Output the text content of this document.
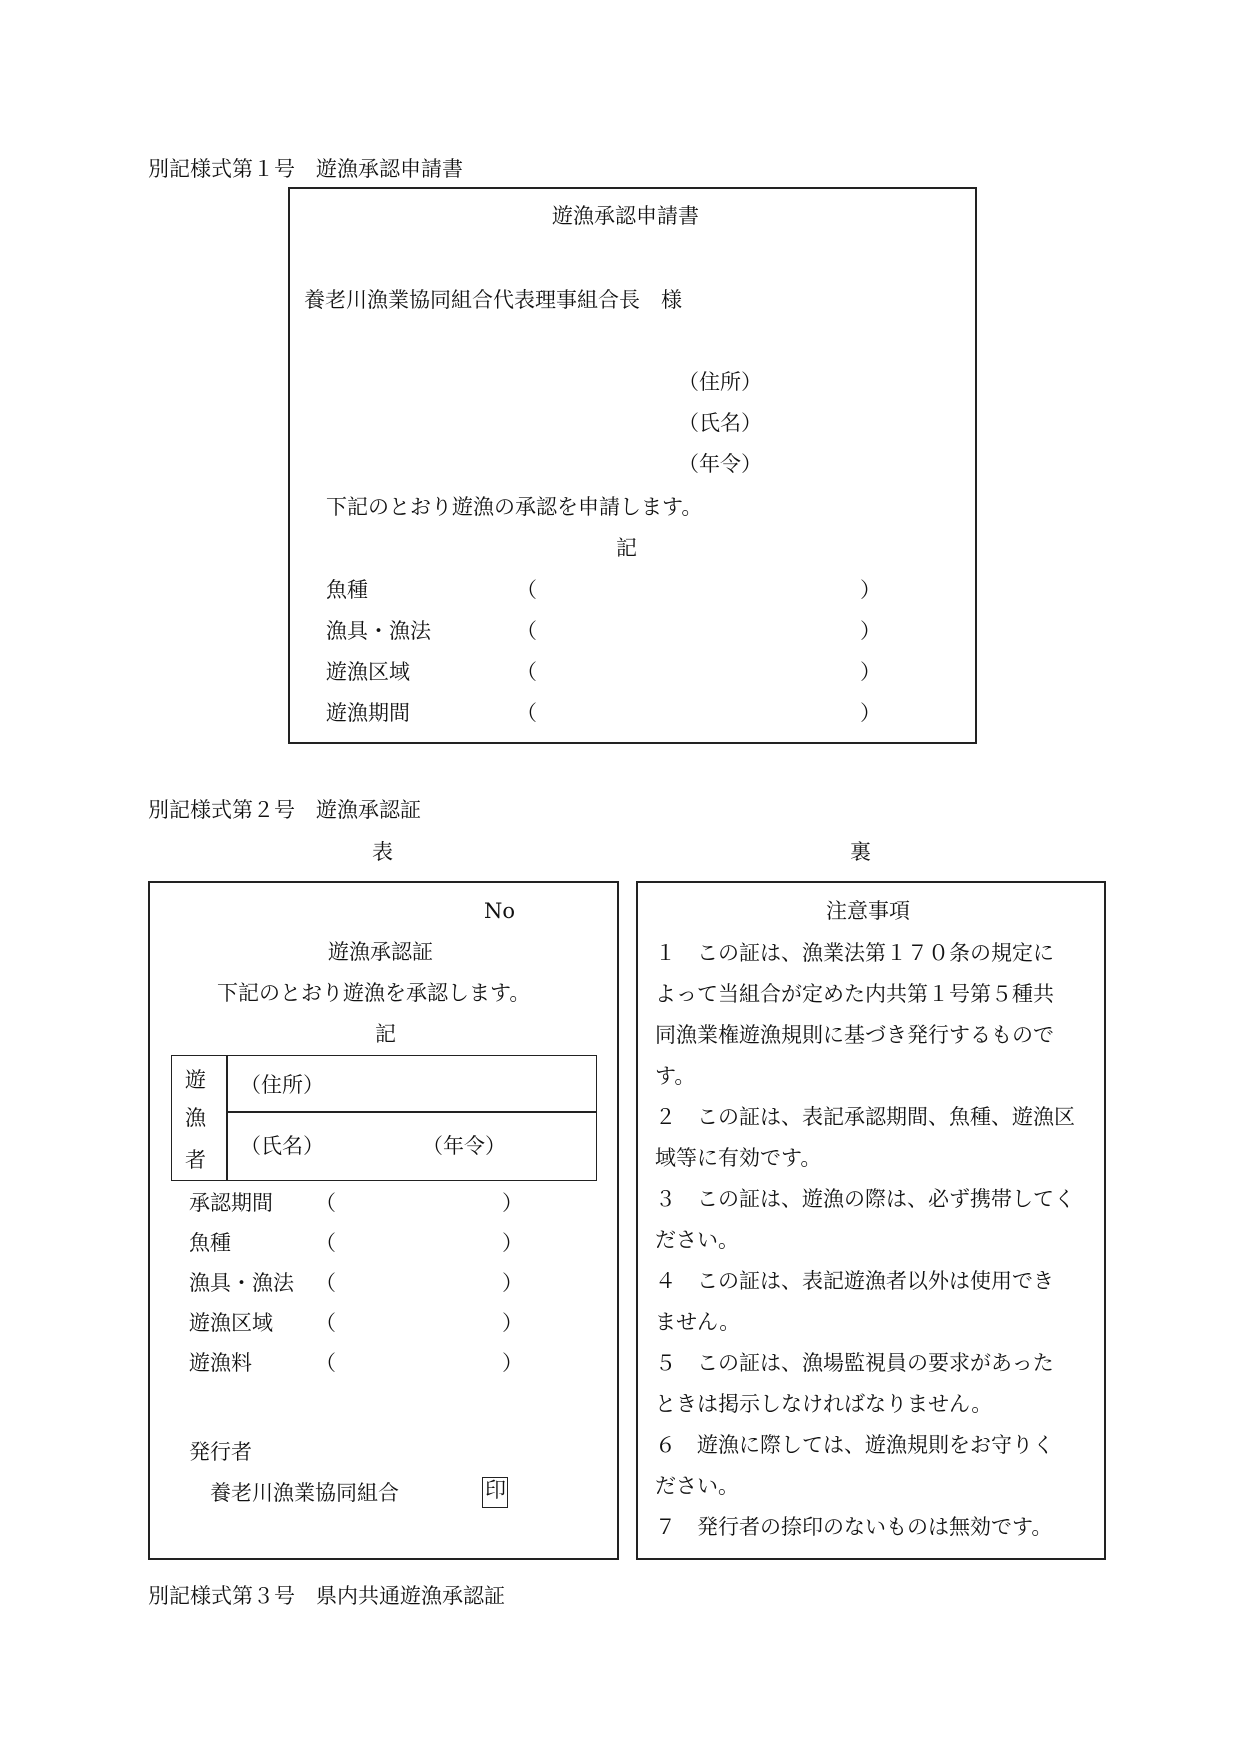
別記様式第１号　遊漁承認申請書
遊漁承認申請書
養老川漁業協同組合代表理事組合長　様
（住所）
（氏名）
（年令）
下記のとおり遊漁の承認を申請します。
記
魚種	（	）
漁具・漁法	（	）
遊漁区域	（	）
遊漁期間	（	）
別記様式第２号　遊漁承認証
表	裏
No
遊漁承認証
下記のとおり遊漁を承認します。
記
遊
漁
者
（住所）
（氏名）	（年令）
承認期間 （	）
魚種	（	）
漁具・漁法 （	）
遊漁区域 （	）
遊漁料	（	）
発行者
養老川漁業協同組合	印
注意事項
１　この証は、漁業法第１７０条の規定に
よって当組合が定めた内共第１号第５種共
同漁業権遊漁規則に基づき発行するもので
す。
２　この証は、表記承認期間、魚種、遊漁区
域等に有効です。
３　この証は、遊漁の際は、必ず携帯してく
ださい。
４　この証は、表記遊漁者以外は使用でき
ません。
５　この証は、漁場監視員の要求があった
ときは掲示しなければなりません。
６　遊漁に際しては、遊漁規則をお守りく
ださい。
７　発行者の捺印のないものは無効です。
別記様式第３号　県内共通遊漁承認証
